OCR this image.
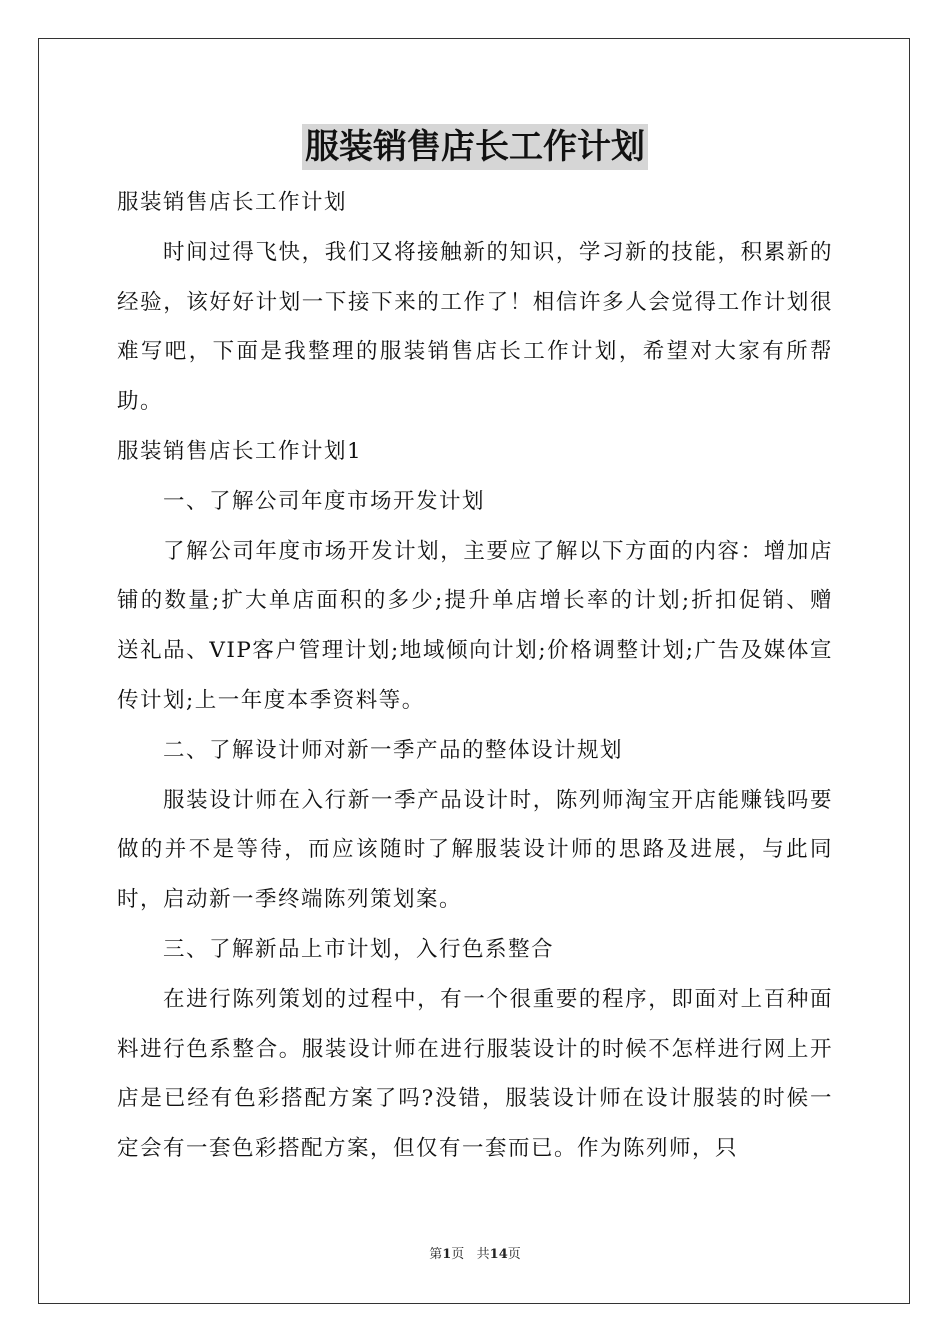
服装销售店长工作计划

服装销售店长工作计划

时间过得飞快，我们又将接触新的知识，学习新的技能，积累新的经验，该好好计划一下接下来的工作了！相信许多人会觉得工作计划很难写吧，下面是我整理的服装销售店长工作计划，希望对大家有所帮助。

服装销售店长工作计划1

一、了解公司年度市场开发计划

了解公司年度市场开发计划，主要应了解以下方面的内容：增加店铺的数量;扩大单店面积的多少;提升单店增长率的计划;折扣促销、赠送礼品、VIP客户管理计划;地域倾向计划;价格调整计划;广告及媒体宣传计划;上一年度本季资料等。

二、了解设计师对新一季产品的整体设计规划

服装设计师在入行新一季产品设计时，陈列师淘宝开店能赚钱吗要做的并不是等待，而应该随时了解服装设计师的思路及进展，与此同时，启动新一季终端陈列策划案。

三、了解新品上市计划，入行色系整合

在进行陈列策划的过程中，有一个很重要的程序，即面对上百种面料进行色系整合。服装设计师在进行服装设计的时候不怎样进行网上开店是已经有色彩搭配方案了吗?没错，服装设计师在设计服装的时候一定会有一套色彩搭配方案，但仅有一套而已。作为陈列师，只

第1页   共14页
